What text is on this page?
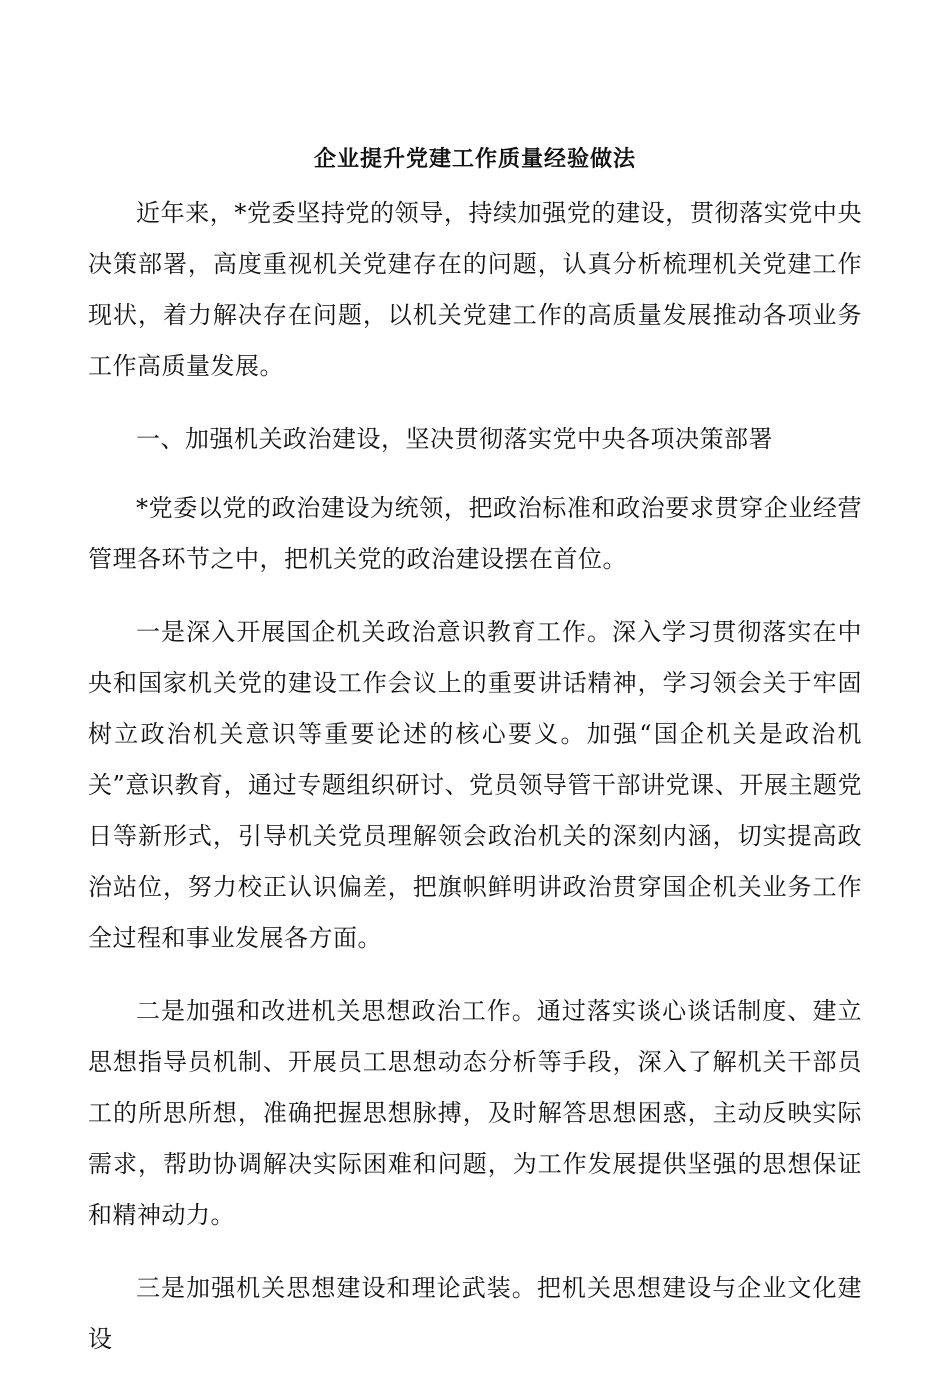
企业提升党建工作质量经验做法

近年来，*党委坚持党的领导，持续加强党的建设，贯彻落实党中央决策部署，高度重视机关党建存在的问题，认真分析梳理机关党建工作现状，着力解决存在问题，以机关党建工作的高质量发展推动各项业务工作高质量发展。

一、加强机关政治建设，坚决贯彻落实党中央各项决策部署

*党委以党的政治建设为统领，把政治标准和政治要求贯穿企业经营管理各环节之中，把机关党的政治建设摆在首位。

一是深入开展国企机关政治意识教育工作。深入学习贯彻落实在中央和国家机关党的建设工作会议上的重要讲话精神，学习领会关于牢固树立政治机关意识等重要论述的核心要义。加强“国企机关是政治机关”意识教育，通过专题组织研讨、党员领导管干部讲党课、开展主题党日等新形式，引导机关党员理解领会政治机关的深刻内涵，切实提高政治站位，努力校正认识偏差，把旗帜鲜明讲政治贯穿国企机关业务工作全过程和事业发展各方面。

二是加强和改进机关思想政治工作。通过落实谈心谈话制度、建立思想指导员机制、开展员工思想动态分析等手段，深入了解机关干部员工的所思所想，准确把握思想脉搏，及时解答思想困惑，主动反映实际需求，帮助协调解决实际困难和问题，为工作发展提供坚强的思想保证和精神动力。

三是加强机关思想建设和理论武装。把机关思想建设与企业文化建设
